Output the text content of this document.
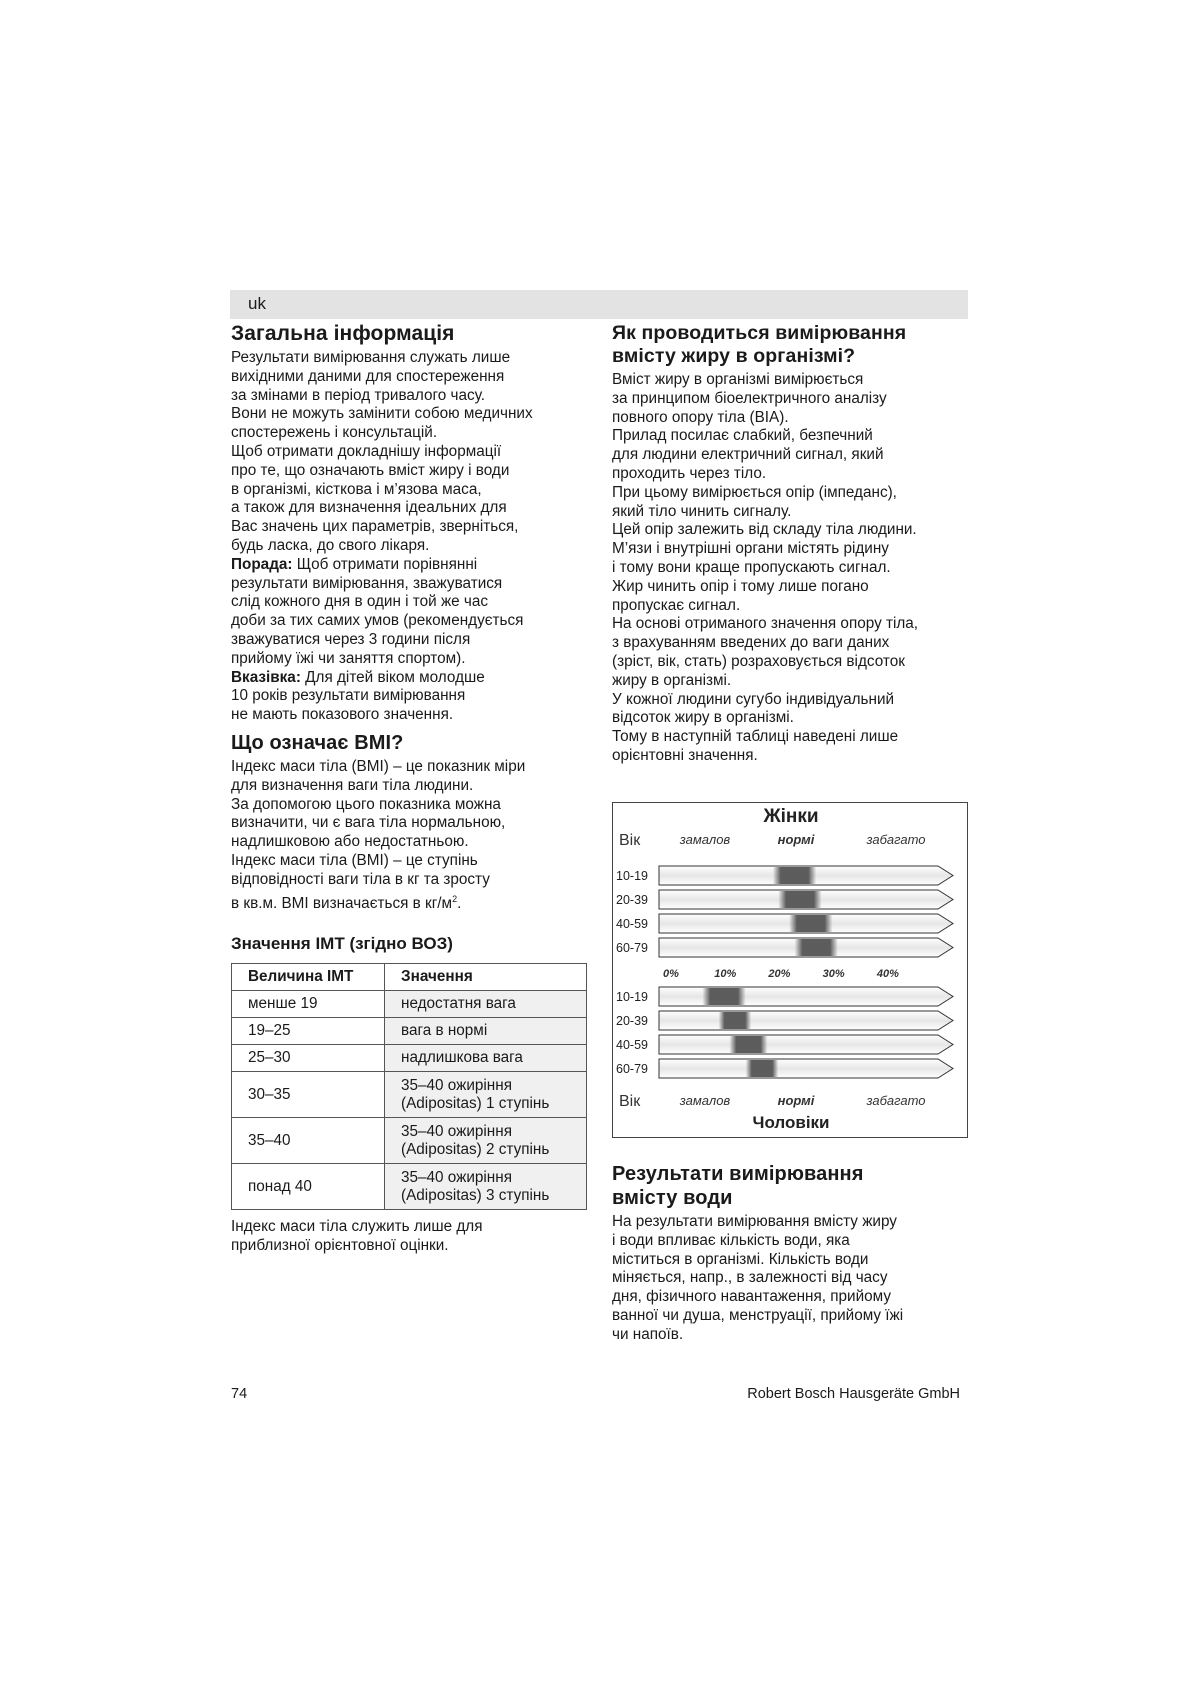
uk
Загальна інформація

Результати вимірювання служать лише
вихідними даними для спостереження
за змінами в період тривалого часу.
Вони не можуть замінити собою медичних
спостережень і консультацій.
Щоб отримати докладнішу інформації
про те, що означають вміст жиру і води
в організмі, кісткова і м’язова маса,
а також для визначення ідеальних для
Вас значень цих параметрів, зверніться,
будь ласка, до свого лікаря.

Порада: Щоб отримати порівнянні
результати вимірювання, зважуватися
слід кожного дня в один і той же час
доби за тих самих умов (рекомендується
зважуватися через 3 години після
прийому їжі чи заняття спортом).

Вказівка: Для дітей віком молодше
10 років результати вимірювання
не мають показового значення.

Що означає BMI?

Індекс маси тіла (BMI) – це показник міри
для визначення ваги тіла людини.
За допомогою цього показника можна
визначити, чи є вага тіла нормальною,
надлишковою або недостатньою.
Індекс маси тіла (BMI) – це ступінь
відповідності ваги тіла в кг та зросту
в кв.м. BMI визначається в $кг/м^2$.

Значення ІМТ (згідно ВОЗ)
Величина ІМТ	Значення
менше 19	недостатня вага
19–25	вага в нормі
25–30	надлишкова вага
30–35	35–40 ожиріння
(Adipositas) 1 ступінь
35–40	35–40 ожиріння
(Adipositas) 2 ступінь
понад 40	35–40 ожиріння
(Adipositas) 3 ступінь

Індекс маси тіла служить лише для
приблизної орієнтовної оцінки.

Як проводиться вимірювання
вмісту жиру в організмі?

Вміст жиру в організмі вимірюється
за принципом біоелектричного аналізу
повного опору тіла (BIA).
Прилад посилає слабкий, безпечний
для людини електричний сигнал, який
проходить через тіло.
При цьому вимірюється опір (імпеданс),
який тіло чинить сигналу.
Цей опір залежить від складу тіла людини.
М’язи і внутрішні органи містять рідину
і тому вони краще пропускають сигнал.
Жир чинить опір і тому лише погано
пропускає сигнал.
На основі отриманого значення опору тіла,
з врахуванням введених до ваги даних
(зріст, вік, стать) розраховується відсоток
жиру в організмі.
У кожної людини сугубо індивідуальний
відсоток жиру в організмі.
Тому в наступній таблиці наведені лише
орієнтовні значення.

Жінки
Вік	замалов	нормі	забагато
10-19
20-39
40-59
60-79
0%	10%	20%	30%	40%
Вік	замалов	нормі	забагато
10-19
20-39
40-59
60-79
Чоловіки
Результати вимірювання
вмісту води

На результати вимірювання вмісту жиру
і води впливає кількість води, яка
міститься в організмі. Кількість води
міняється, напр., в залежності від часу
дня, фізичного навантаження, прийому
ванної чи душа, менструації, прийому їжі
чи напоїв.

74	Robert Bosch Hausgeräte GmbH
